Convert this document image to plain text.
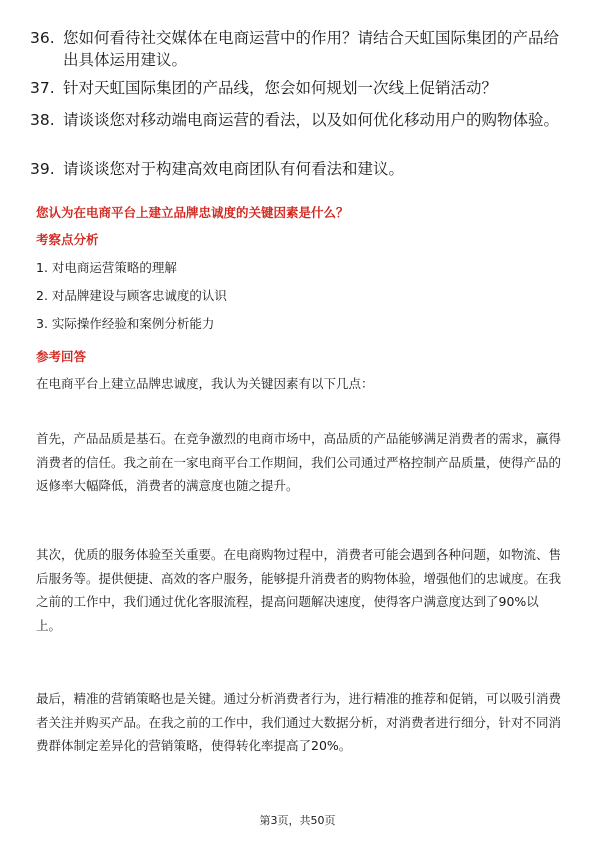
36. 您如何看待社交媒体在电商运营中的作用？请结合天虹国际集团的产品给出具体运用建议。
37. 针对天虹国际集团的产品线，您会如何规划一次线上促销活动？
38. 请谈谈您对移动端电商运营的看法，以及如何优化移动用户的购物体验。
39. 请谈谈您对于构建高效电商团队有何看法和建议。
您认为在电商平台上建立品牌忠诚度的关键因素是什么？
考察点分析
1. 对电商运营策略的理解
2. 对品牌建设与顾客忠诚度的认识
3. 实际操作经验和案例分析能力
参考回答
在电商平台上建立品牌忠诚度，我认为关键因素有以下几点：
首先，产品品质是基石。在竞争激烈的电商市场中，高品质的产品能够满足消费者的需求，赢得消费者的信任。我之前在一家电商平台工作期间，我们公司通过严格控制产品质量，使得产品的返修率大幅降低，消费者的满意度也随之提升。
其次，优质的服务体验至关重要。在电商购物过程中，消费者可能会遇到各种问题，如物流、售后服务等。提供便捷、高效的客户服务，能够提升消费者的购物体验，增强他们的忠诚度。在我之前的工作中，我们通过优化客服流程，提高问题解决速度，使得客户满意度达到了90%以上。
最后，精准的营销策略也是关键。通过分析消费者行为，进行精准的推荐和促销，可以吸引消费者关注并购买产品。在我之前的工作中，我们通过大数据分析，对消费者进行细分，针对不同消费群体制定差异化的营销策略，使得转化率提高了20%。
第3页，共50页
